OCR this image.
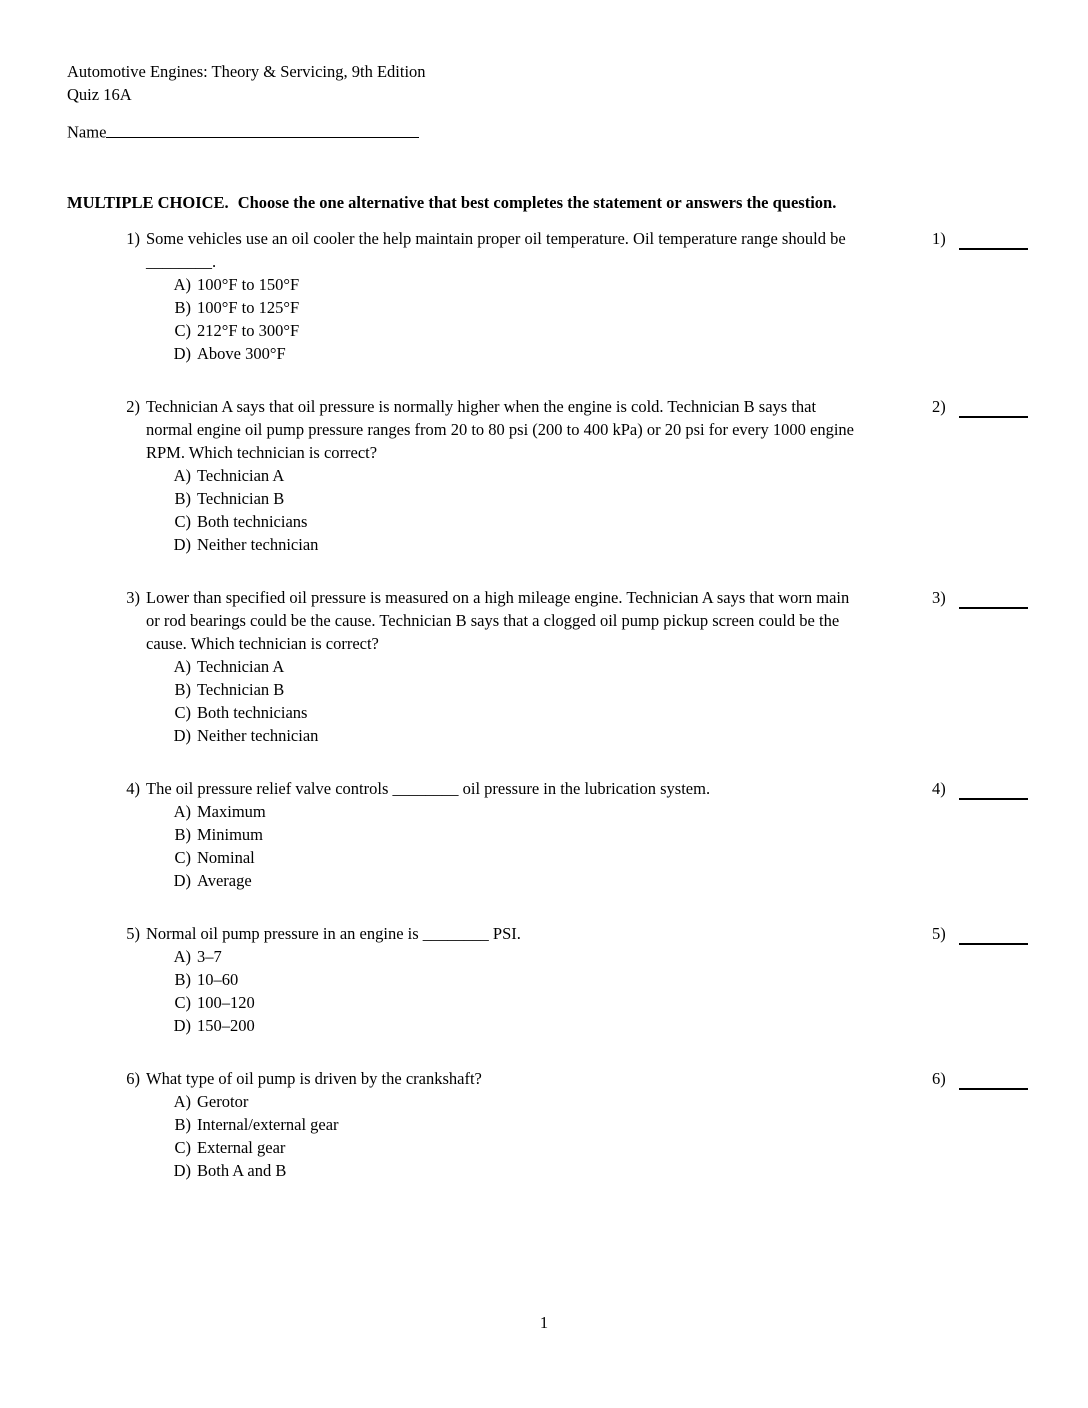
Automotive Engines: Theory & Servicing, 9th Edition
Quiz 16A
Name
MULTIPLE CHOICE. Choose the one alternative that best completes the statement or answers the question.
1) Some vehicles use an oil cooler the help maintain proper oil temperature. Oil temperature range should be ________.
A) 100°F to 150°F
B) 100°F to 125°F
C) 212°F to 300°F
D) Above 300°F
1)
2) Technician A says that oil pressure is normally higher when the engine is cold. Technician B says that normal engine oil pump pressure ranges from 20 to 80 psi (200 to 400 kPa) or 20 psi for every 1000 engine RPM. Which technician is correct?
A) Technician A
B) Technician B
C) Both technicians
D) Neither technician
2)
3) Lower than specified oil pressure is measured on a high mileage engine. Technician A says that worn main or rod bearings could be the cause. Technician B says that a clogged oil pump pickup screen could be the cause. Which technician is correct?
A) Technician A
B) Technician B
C) Both technicians
D) Neither technician
3)
4) The oil pressure relief valve controls ________ oil pressure in the lubrication system.
A) Maximum
B) Minimum
C) Nominal
D) Average
4)
5) Normal oil pump pressure in an engine is ________ PSI.
A) 3–7
B) 10–60
C) 100–120
D) 150–200
5)
6) What type of oil pump is driven by the crankshaft?
A) Gerotor
B) Internal/external gear
C) External gear
D) Both A and B
6)
1
